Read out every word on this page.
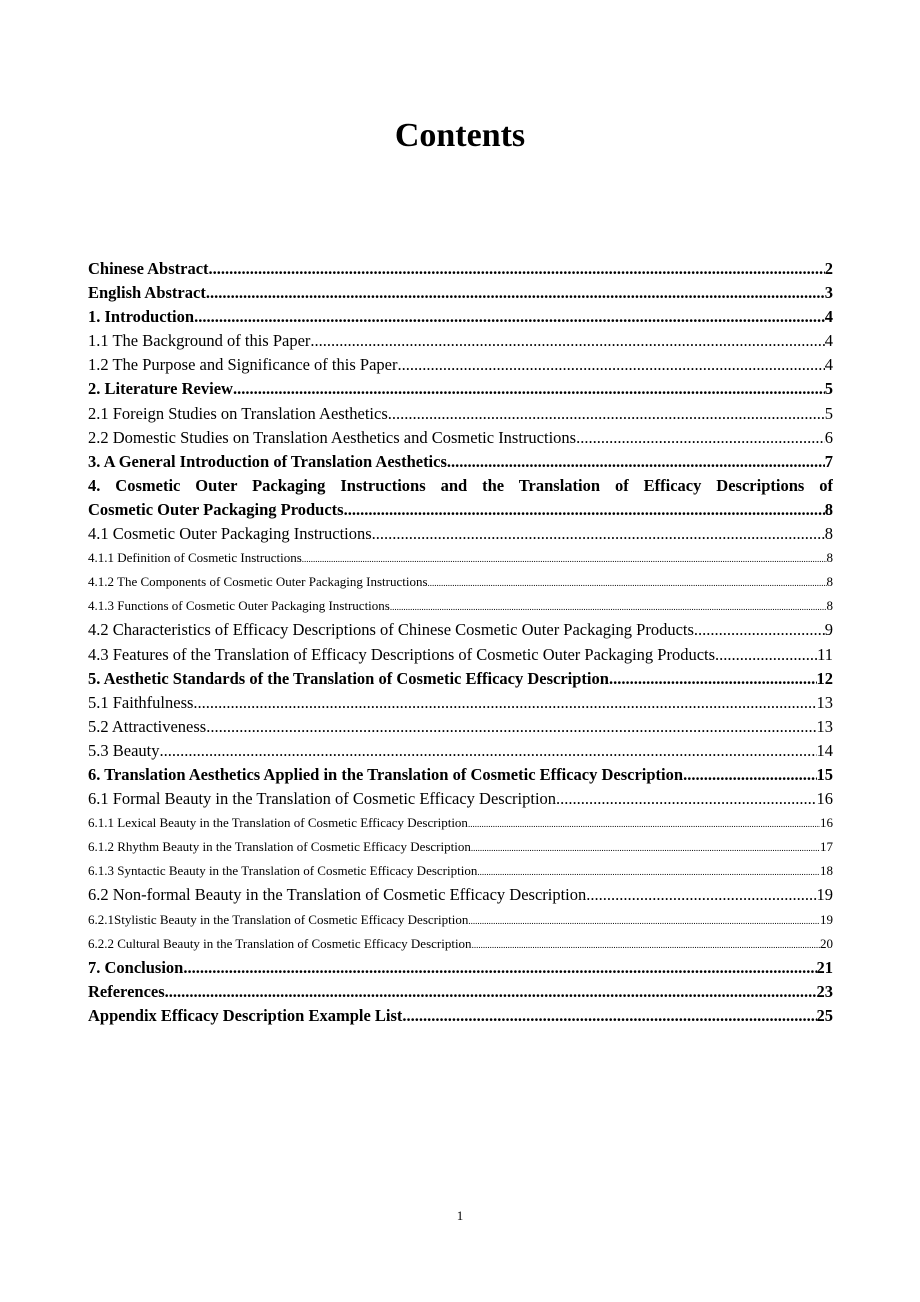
Contents
Chinese Abstract .....	2
English Abstract .....	3
1. Introduction .....	4
1.1 The Background of this Paper .....	4
1.2 The Purpose and Significance of this Paper .....	4
2. Literature Review .....	5
2.1 Foreign Studies on Translation Aesthetics .....	5
2.2 Domestic Studies on Translation Aesthetics and Cosmetic Instructions .....	6
3. A General Introduction of Translation Aesthetics .....	7
4. Cosmetic Outer Packaging Instructions and the Translation of Efficacy Descriptions of
Cosmetic Outer Packaging Products .....	8
4.1 Cosmetic Outer Packaging Instructions .....	8
4.1.1 Definition of Cosmetic Instructions .....	8
4.1.2 The Components of Cosmetic Outer Packaging Instructions .....	8
4.1.3 Functions of Cosmetic Outer Packaging Instructions .....	8
4.2 Characteristics of Efficacy Descriptions of Chinese Cosmetic Outer Packaging Products .....	9
4.3 Features of the Translation of Efficacy Descriptions of Cosmetic Outer Packaging Products .....	11
5. Aesthetic Standards of the Translation of Cosmetic Efficacy Description .....	12
5.1 Faithfulness .....	13
5.2 Attractiveness .....	13
5.3 Beauty .....	14
6. Translation Aesthetics Applied in the Translation of Cosmetic Efficacy Description .....	15
6.1 Formal Beauty in the Translation of Cosmetic Efficacy Description .....	16
6.1.1 Lexical Beauty in the Translation of Cosmetic Efficacy Description .....	16
6.1.2 Rhythm Beauty in the Translation of Cosmetic Efficacy Description .....	17
6.1.3 Syntactic Beauty in the Translation of Cosmetic Efficacy Description .....	18
6.2 Non-formal Beauty in the Translation of Cosmetic Efficacy Description .....	19
6.2.1Stylistic Beauty in the Translation of Cosmetic Efficacy Description .....	19
6.2.2 Cultural Beauty in the Translation of Cosmetic Efficacy Description .....	20
7. Conclusion .....	21
References .....	23
Appendix Efficacy Description Example List .....	25
1
